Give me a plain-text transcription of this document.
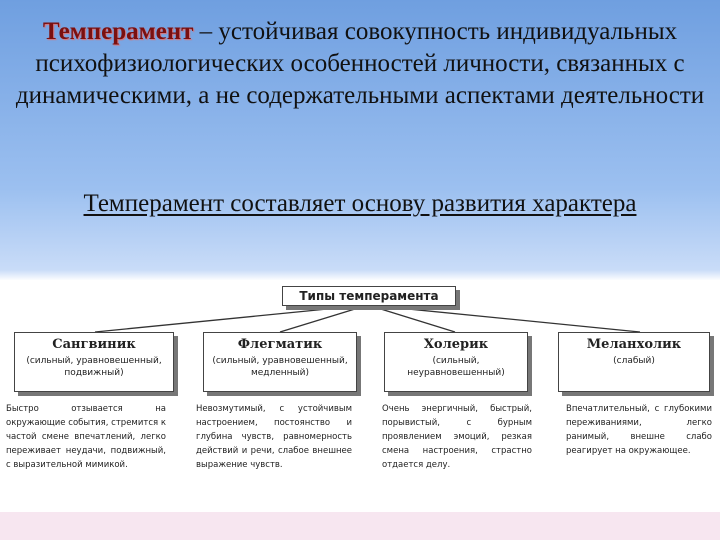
Темперамент – устойчивая совокупность индивидуальных психофизиологических особенностей личности, связанных с динамическими, а не содержательными аспектами деятельности
Темперамент составляет основу развития характера
Типы темперамента
Сангвиник
(сильный, уравновешенный, подвижный)
Флегматик
(сильный, уравновешенный, медленный)
Холерик
(сильный, неуравновешенный)
Меланхолик
(слабый)
Быстро отзывается на окружающие события, стремится к частой смене впечатлений, легко переживает неудачи, подвижный, с выразительной мимикой.
Невозмутимый, с устойчивым настроением, постоянство и глубина чувств, равномерность действий и речи, слабое внешнее выражение чувств.
Очень энергичный, быстрый, порывистый, с бурным проявлением эмоций, резкая смена настроения, страстно отдается делу.
Впечатлительный, с глубокими переживаниями, легко ранимый, внешне слабо реагирует на окружающее.
